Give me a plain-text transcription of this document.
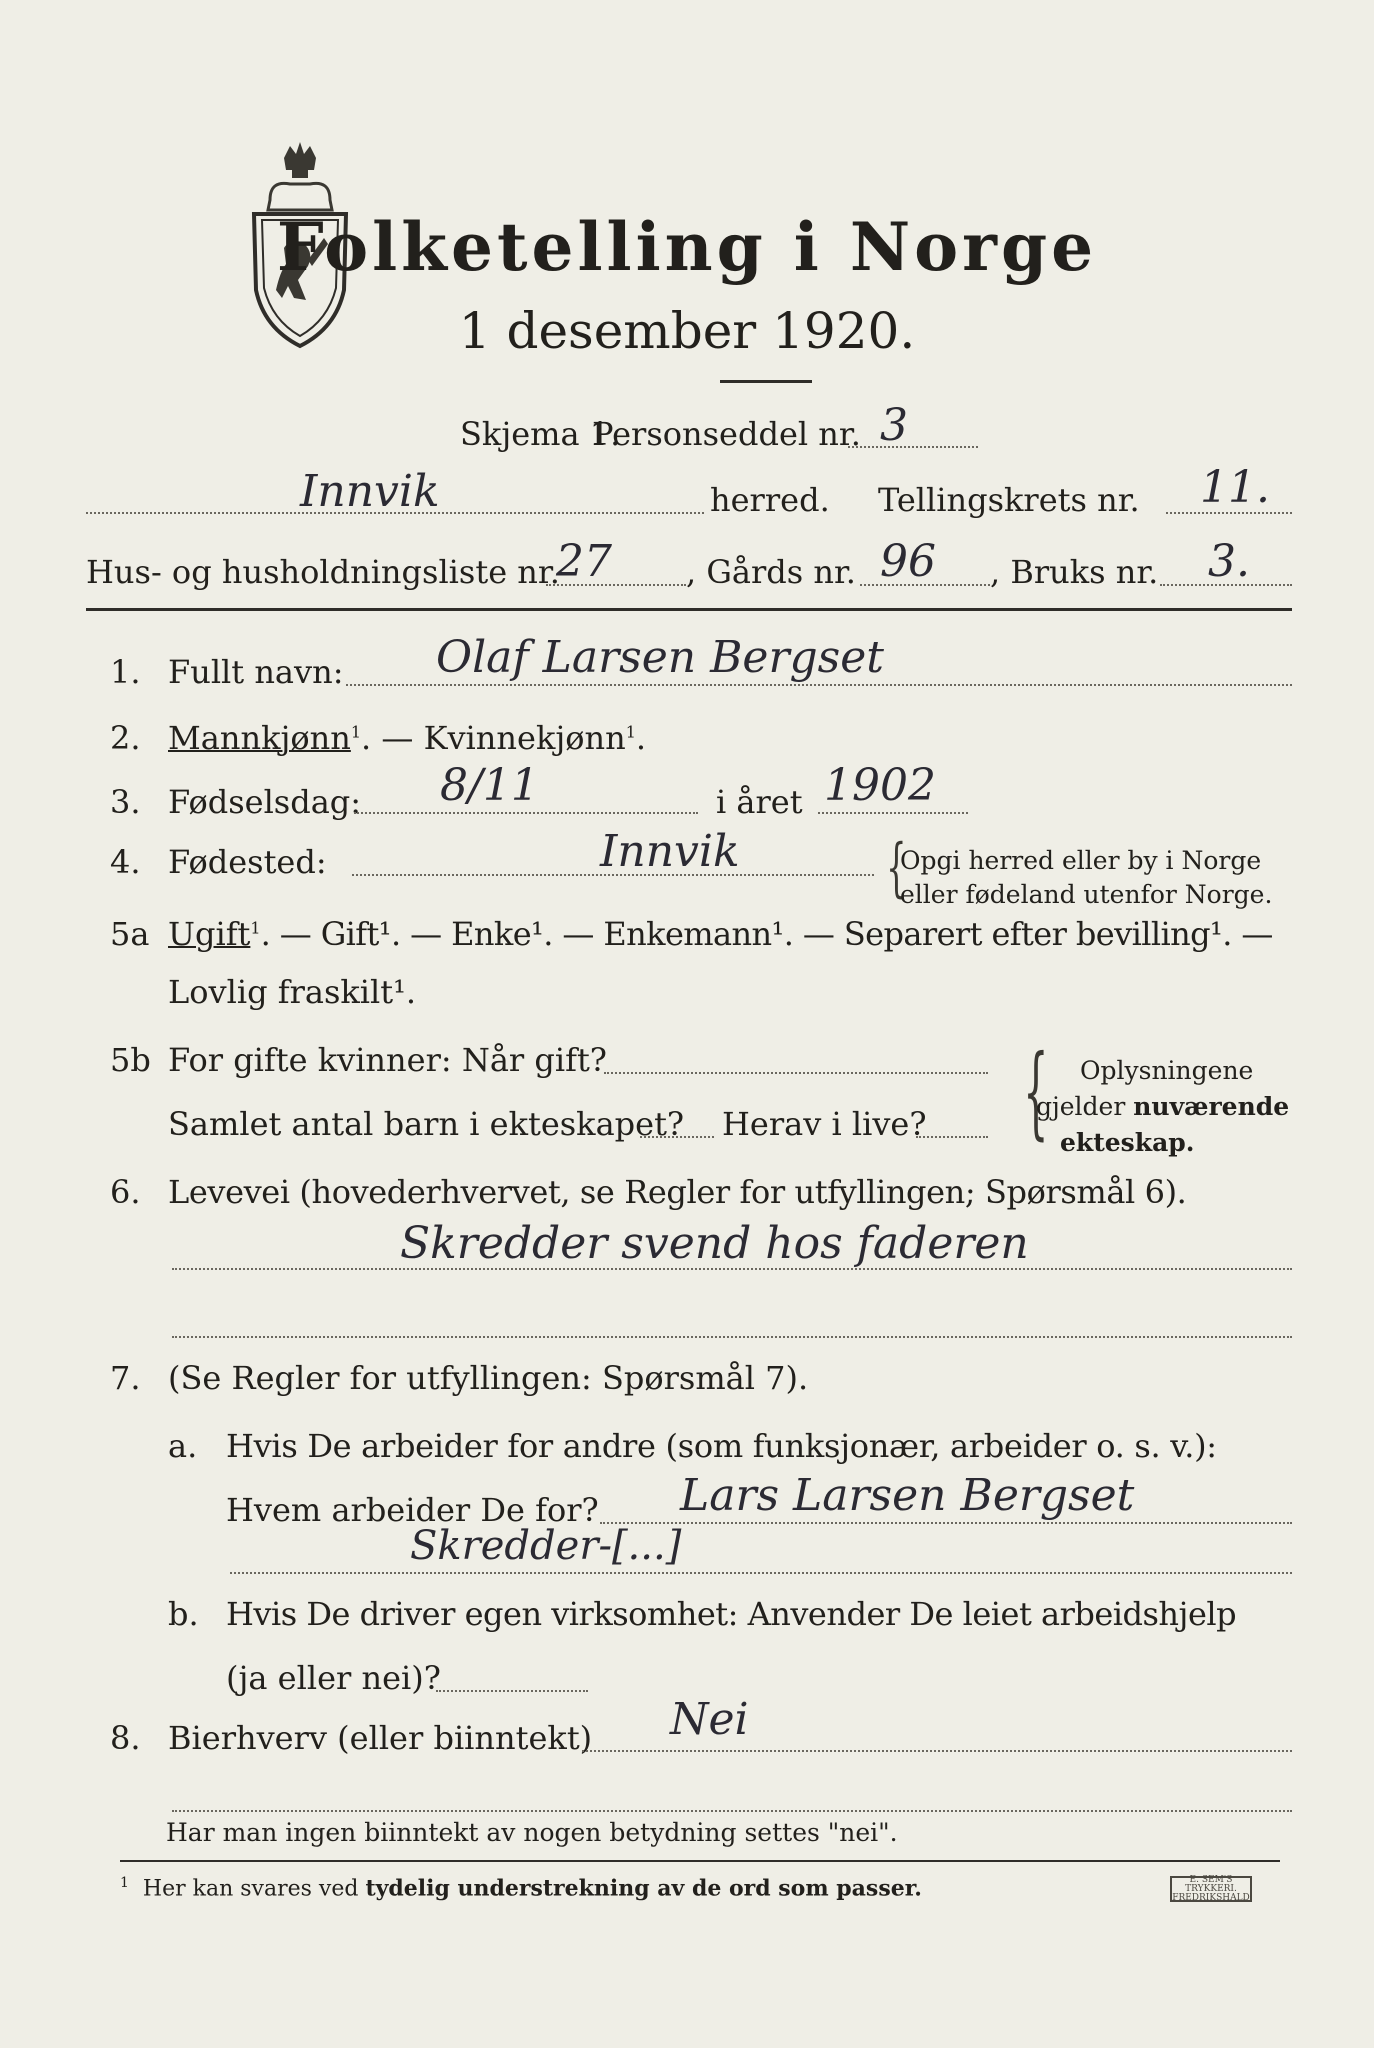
Folketelling i Norge
1 desember 1920.
Skjema 1.
Personseddel nr. 3
Innvik	herred. Tellingskrets nr. 11.
Hus- og husholdningsliste nr.
27 , Gårds nr. 96 , Bruks nr. 3.
1. Fullt navn: Olaf Larsen Bergset
2. Mannkjønn$^1$. — Kvinnekjønn$^1$.
3. Fødselsdag: 8/11	i året 1902
4. Fødested:	Innvik {
Opgi herred eller by i Norge
eller fødeland utenfor Norge.
5a Ugift$^1$. — Gift¹. — Enke¹. — Enkemann¹. — Separert efter bevilling¹. —
Lovlig fraskilt¹.
5b For gifte kvinner: Når gift?
Samlet antal barn i ekteskapet? Herav i live? { Oplysningene
gjelder nuværende
ekteskap.
6. Levevei (hovederhvervet, se Regler for utfyllingen; Spørsmål 6).
Skredder svend hos faderen
7. (Se Regler for utfyllingen: Spørsmål 7).
a. Hvis De arbeider for andre (som funksjonær, arbeider o. s. v.):
Hvem arbeider De for? Lars Larsen Bergset
Skredder-[...]
b. Hvis De driver egen virksomhet: Anvender De leiet arbeidshjelp
(ja eller nei)?
8. Bierhverv (eller biinntekt) Nei
Har man ingen biinntekt av nogen betydning settes "nei".
$^1$ Her kan svares ved tydelig understrekning av de ord som passer.	E. SEM'S TRYKKERI. FREDRIKSHALD
